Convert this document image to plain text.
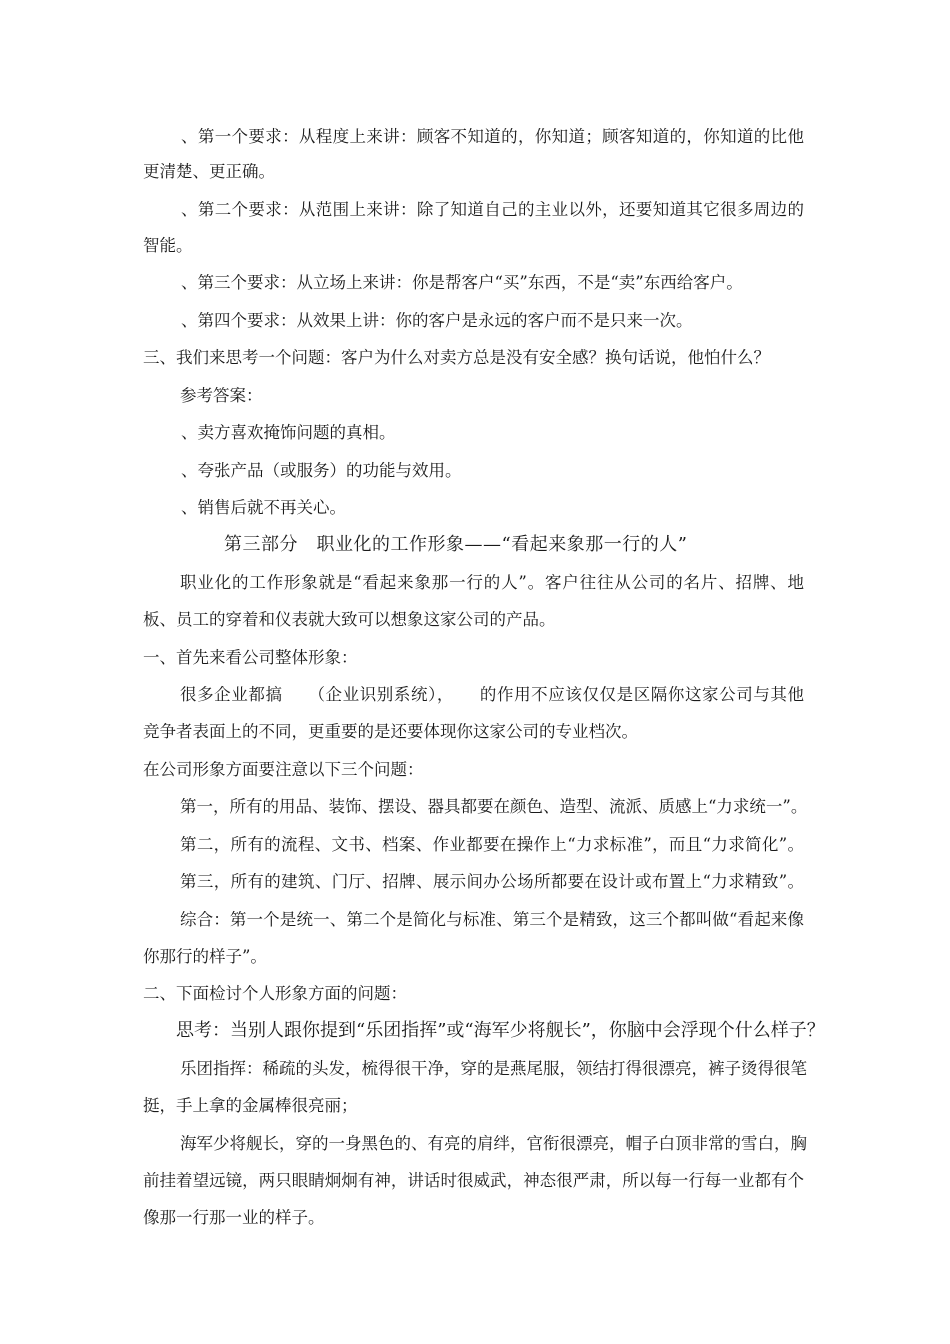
、第一个要求：从程度上来讲：顾客不知道的，你知道；顾客知道的，你知道的比他
更清楚、更正确。
、第二个要求：从范围上来讲：除了知道自己的主业以外，还要知道其它很多周边的
智能。
、第三个要求：从立场上来讲：你是帮客户“买”东西，不是“卖”东西给客户。
、第四个要求：从效果上讲：你的客户是永远的客户而不是只来一次。
三、我们来思考一个问题：客户为什么对卖方总是没有安全感？换句话说，他怕什么？
参考答案：
、卖方喜欢掩饰问题的真相。
、夸张产品（或服务）的功能与效用。
、销售后就不再关心。
第三部分　职业化的工作形象——“看起来象那一行的人”
职业化的工作形象就是“看起来象那一行的人”。客户往往从公司的名片、招牌、地
板、员工的穿着和仪表就大致可以想象这家公司的产品。
一、首先来看公司整体形象：
很多企业都搞　　（企业识别系统），　　的作用不应该仅仅是区隔你这家公司与其他
竞争者表面上的不同，更重要的是还要体现你这家公司的专业档次。
在公司形象方面要注意以下三个问题：
第一，所有的用品、装饰、摆设、器具都要在颜色、造型、流派、质感上“力求统一”。
第二，所有的流程、文书、档案、作业都要在操作上“力求标准”，而且“力求简化”。
第三，所有的建筑、门厅、招牌、展示间办公场所都要在设计或布置上“力求精致”。
综合：第一个是统一、第二个是简化与标准、第三个是精致，这三个都叫做“看起来像
你那行的样子”。
二、下面检讨个人形象方面的问题：
思考：当别人跟你提到“乐团指挥”或“海军少将舰长”，你脑中会浮现个什么样子？
乐团指挥：稀疏的头发，梳得很干净，穿的是燕尾服，领结打得很漂亮，裤子烫得很笔
挺，手上拿的金属棒很亮丽；
海军少将舰长，穿的一身黑色的、有亮的肩绊，官衔很漂亮，帽子白顶非常的雪白，胸
前挂着望远镜，两只眼睛炯炯有神，讲话时很威武，神态很严肃，所以每一行每一业都有个
像那一行那一业的样子。
